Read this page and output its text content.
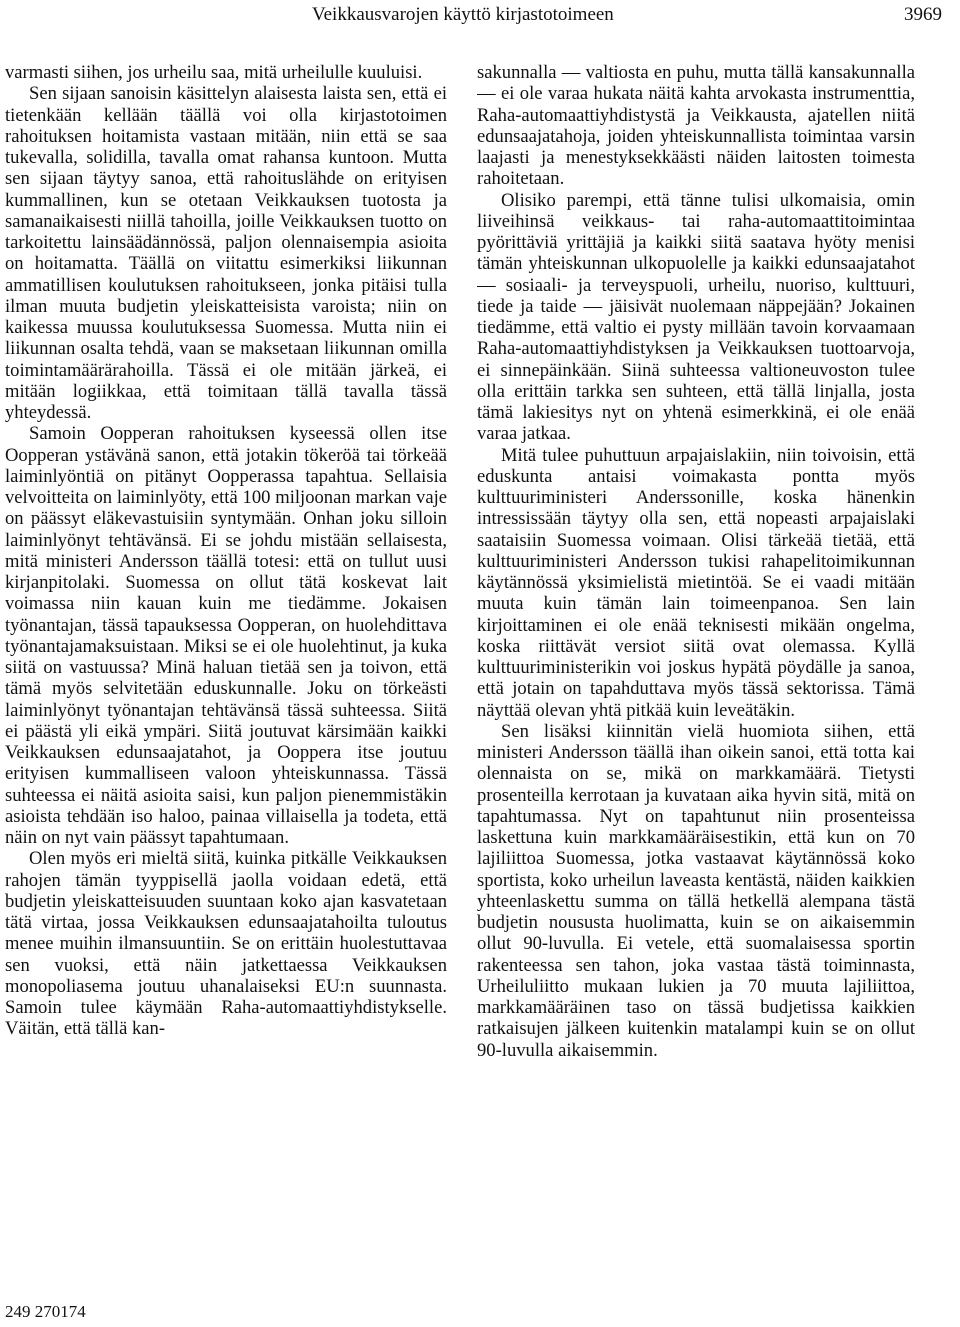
Veikkausvarojen käyttö kirjastotoimeen	3969

varmasti siihen, jos urheilu saa, mitä urheilulle kuuluisi.

Sen sijaan sanoisin käsittelyn alaisesta laista sen, että ei tietenkään kellään täällä voi olla kirjastotoimen rahoituksen hoitamista vastaan mitään, niin että se saa tukevalla, solidilla, tavalla omat rahansa kuntoon. Mutta sen sijaan täytyy sanoa, että rahoituslähde on erityisen kummallinen, kun se otetaan Veikkauksen tuotosta ja samanaikaisesti niillä tahoilla, joille Veikkauksen tuotto on tarkoitettu lainsäädännössä, paljon olennaisempia asioita on hoitamatta. Täällä on viitattu esimerkiksi liikunnan ammatillisen koulutuksen rahoitukseen, jonka pitäisi tulla ilman muuta budjetin yleiskatteisista varoista; niin on kaikessa muussa koulutuksessa Suomessa. Mutta niin ei liikunnan osalta tehdä, vaan se maksetaan liikunnan omilla toimintamäärärahoilla. Tässä ei ole mitään järkeä, ei mitään logiikkaa, että toimitaan tällä tavalla tässä yhteydessä.

Samoin Oopperan rahoituksen kyseessä ollen itse Oopperan ystävänä sanon, että jotakin tökeröä tai törkeää laiminlyöntiä on pitänyt Oopperassa tapahtua. Sellaisia velvoitteita on laiminlyöty, että 100 miljoonan markan vaje on päässyt eläkevastuisiin syntymään. Onhan joku silloin laiminlyönyt tehtävänsä. Ei se johdu mistään sellaisesta, mitä ministeri Andersson täällä totesi: että on tullut uusi kirjanpitolaki. Suomessa on ollut tätä koskevat lait voimassa niin kauan kuin me tiedämme. Jokaisen työnantajan, tässä tapauksessa Oopperan, on huolehdittava työnantajamaksuistaan. Miksi se ei ole huolehtinut, ja kuka siitä on vastuussa? Minä haluan tietää sen ja toivon, että tämä myös selvitetään eduskunnalle. Joku on törkeästi laiminlyönyt työnantajan tehtävänsä tässä suhteessa. Siitä ei päästä yli eikä ympäri. Siitä joutuvat kärsimään kaikki Veikkauksen edunsaajatahot, ja Ooppera itse joutuu erityisen kummalliseen valoon yhteiskunnassa. Tässä suhteessa ei näitä asioita saisi, kun paljon pienemmistäkin asioista tehdään iso haloo, painaa villaisella ja todeta, että näin on nyt vain päässyt tapahtumaan.

Olen myös eri mieltä siitä, kuinka pitkälle Veikkauksen rahojen tämän tyyppisellä jaolla voidaan edetä, että budjetin yleiskatteisuuden suuntaan koko ajan kasvatetaan tätä virtaa, jossa Veikkauksen edunsaajatahoilta tuloutus menee muihin ilmansuuntiin. Se on erittäin huolestuttavaa sen vuoksi, että näin jatkettaessa Veikkauksen monopoliasema joutuu uhanalaiseksi EU:n suunnasta. Samoin tulee käymään Raha-automaattiyhdistykselle. Väitän, että tällä kan-

sakunnalla — valtiosta en puhu, mutta tällä kansakunnalla — ei ole varaa hukata näitä kahta arvokasta instrumenttia, Raha-automaattiyhdistystä ja Veikkausta, ajatellen niitä edunsaajatahoja, joiden yhteiskunnallista toimintaa varsin laajasti ja menestyksekkäästi näiden laitosten toimesta rahoitetaan.

Olisiko parempi, että tänne tulisi ulkomaisia, omin liiveihinsä veikkaus- tai raha-automaattitoimintaa pyörittäviä yrittäjiä ja kaikki siitä saatava hyöty menisi tämän yhteiskunnan ulkopuolelle ja kaikki edunsaajatahot — sosiaali- ja terveyspuoli, urheilu, nuoriso, kulttuuri, tiede ja taide — jäisivät nuolemaan näppejään? Jokainen tiedämme, että valtio ei pysty millään tavoin korvaamaan Raha-automaattiyhdistyksen ja Veikkauksen tuottoarvoja, ei sinnepäinkään. Siinä suhteessa valtioneuvoston tulee olla erittäin tarkka sen suhteen, että tällä linjalla, josta tämä lakiesitys nyt on yhtenä esimerkkinä, ei ole enää varaa jatkaa.

Mitä tulee puhuttuun arpajaislakiin, niin toivoisin, että eduskunta antaisi voimakasta pontta myös kulttuuriministeri Anderssonille, koska hänenkin intressissään täytyy olla sen, että nopeasti arpajaislaki saataisiin Suomessa voimaan. Olisi tärkeää tietää, että kulttuuriministeri Andersson tukisi rahapelitoimikunnan käytännössä yksimielistä mietintöä. Se ei vaadi mitään muuta kuin tämän lain toimeenpanoa. Sen lain kirjoittaminen ei ole enää teknisesti mikään ongelma, koska riittävät versiot siitä ovat olemassa. Kyllä kulttuuriministerikin voi joskus hypätä pöydälle ja sanoa, että jotain on tapahduttava myös tässä sektorissa. Tämä näyttää olevan yhtä pitkää kuin leveätäkin.

Sen lisäksi kiinnitän vielä huomiota siihen, että ministeri Andersson täällä ihan oikein sanoi, että totta kai olennaista on se, mikä on markkamäärä. Tietysti prosenteilla kerrotaan ja kuvataan aika hyvin sitä, mitä on tapahtumassa. Nyt on tapahtunut niin prosenteissa laskettuna kuin markkamääräisestikin, että kun on 70 lajiliittoa Suomessa, jotka vastaavat käytännössä koko sportista, koko urheilun laveasta kentästä, näiden kaikkien yhteenlaskettu summa on tällä hetkellä alempana tästä budjetin noususta huolimatta, kuin se on aikaisemmin ollut 90-luvulla. Ei vetele, että suomalaisessa sportin rakenteessa sen tahon, joka vastaa tästä toiminnasta, Urheiluliitto mukaan lukien ja 70 muuta lajiliittoa, markkamääräinen taso on tässä budjetissa kaikkien ratkaisujen jälkeen kuitenkin matalampi kuin se on ollut 90-luvulla aikaisemmin.

249 270174
